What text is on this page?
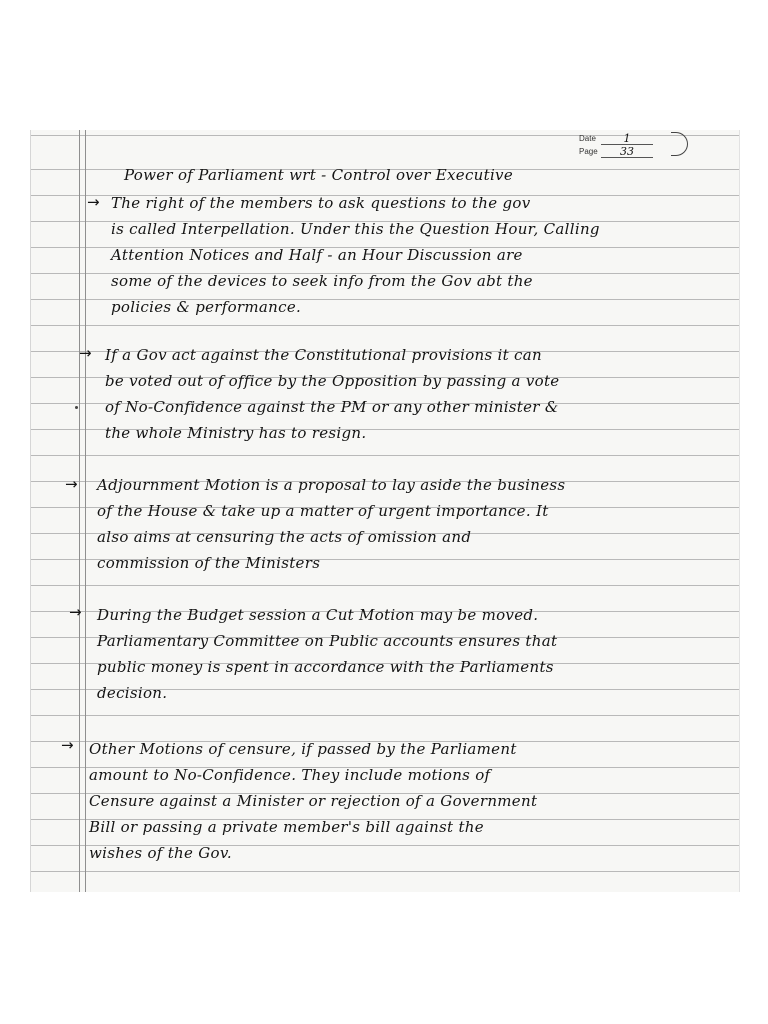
Date	1
Page	33
Power of Parliament wrt - Control over Executive
→ The right of the members to ask questions to the gov
is called Interpellation. Under this the Question Hour, Calling
Attention Notices and Half - an Hour Discussion are
some of the devices to seek info from the Gov abt the
policies & performance.
→ If a Gov act against the Constitutional provisions it can
be voted out of office by the Opposition by passing a vote
of No-Confidence against the PM or any other minister &
the whole Ministry has to resign.
→ Adjournment Motion is a proposal to lay aside the business
of the House & take up a matter of urgent importance. It
also aims at censuring the acts of omission and
commission of the Ministers
→ During the Budget session a Cut Motion may be moved.
Parliamentary Committee on Public accounts ensures that
public money is spent in accordance with the Parliaments
decision.
→ Other Motions of censure, if passed by the Parliament
amount to No-Confidence. They include motions of
Censure against a Minister or rejection of a Government
Bill or passing a private member's bill against the
wishes of the Gov.
